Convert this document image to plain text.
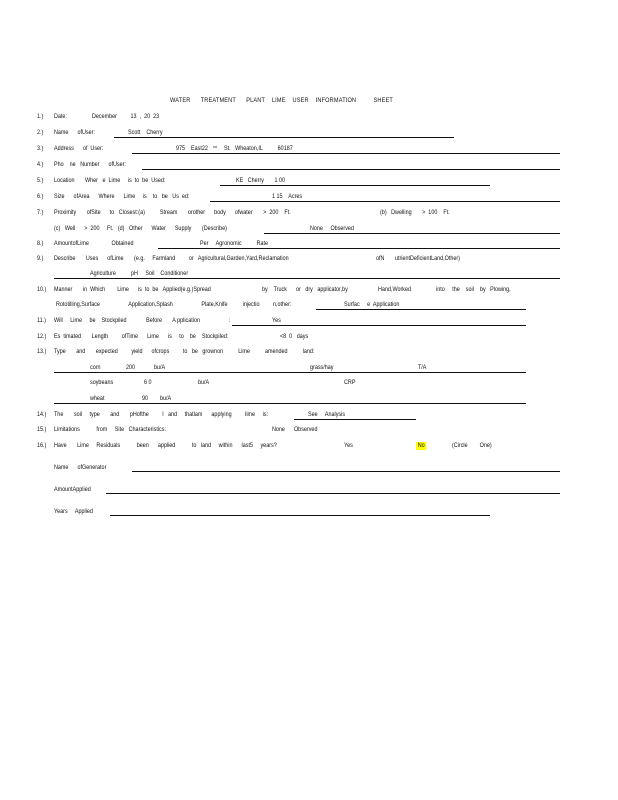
WATER      TREATMENT      PLANT    LIME    USER    INFORMATION          SHEET
1.) Date:	December         13  ,  20  23
2.) Name      ofUser:	Scott    Cherry
3.) Address      of  User:	975    East22 nd St.   Wheaton,IL          60187
4.) Pho    ne   Number      ofUser:
5.) Location       Wher   e  Lime     is  to  be  Used:	KE   Cherry       1 00
6.) Size      ofArea      Where      Lime     is    to   be   Us  ed:	1 15    Acres
7.) Proximity       ofSite      to   Closest:(a)          Stream       orother      body      ofwater       >  200    Ft.	(b)   Dwelling       >  100    Ft.
(c)   Well      >  200     Ft.   (d)   Other      Water      Supply       (Describe)	None     Observed
8.) AmountofLime               Obtained	Per     Agronomic          Rate
9.) Describe       Uses      ofLime       (e.g.     Farmland         or   Agricultural,Garden,Yard,Reclamation	ofN       utrientDeficientLand,Other)
Agriculture          pH     Soil    Conditioner
10.) Manner       in  Which        Lime      is  to  be   Applied(e.g.)Spread	by    Truck      or   dry   applicator,by	Hand,Worked	into     the    soil    by   Plowing,
Rototilling,Surface                   Application,Splash                   Plate,Knife          injectio         n,other:	Surfac     e  Application
11.) Will     Lime     be    Stockpiled             Before       A pplication	:	Yes
12.) Es  timated       Length         ofTime      Lime      is     to    be    Stockpiled:	<8  0   days
13.) Type       and       expected         yield      ofcrops         to   be   grownon          Lime          amended          land:
corn	200	bu/A	grass/hay	T/A
soybeans	6 0	bu/A	CRP
wheat	90 bu/A
14.) The       soil     type       and       pHofthe         l   and     thatlam      applying         lime     is:	See     Analysis
15.) Limitations           from     Site   Characteristics:	None      Observed
16.) Have       Lime     Residuals           been      applied           to   land     within      last5     years?	Yes	No	(Circle        One)
Name      ofGenerator
AmountApplied
Years     Applied
